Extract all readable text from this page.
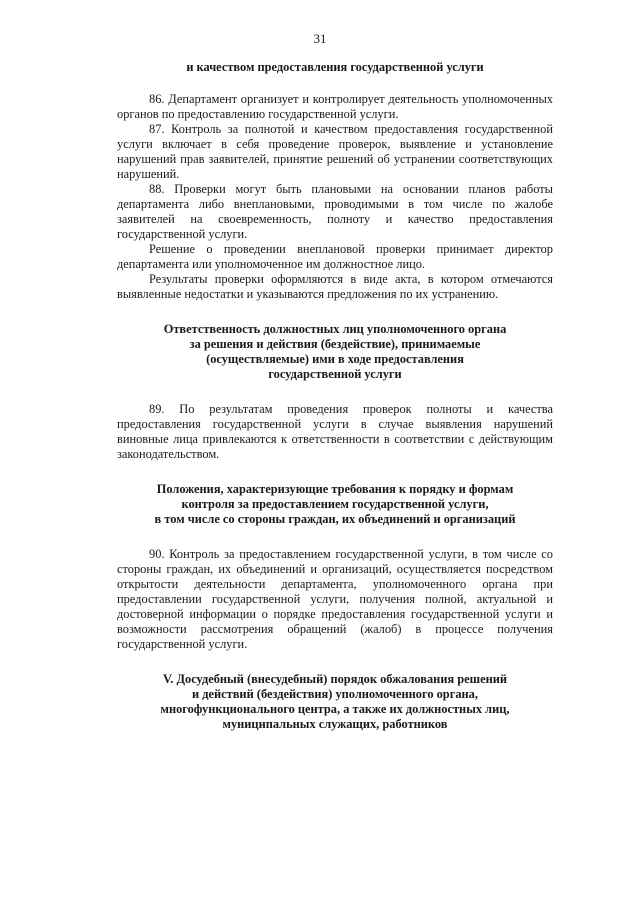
31
и качеством предоставления государственной услуги

86. Департамент организует и контролирует деятельность уполномоченных органов по предоставлению государственной услуги.

87. Контроль за полнотой и качеством предоставления государственной услуги включает в себя проведение проверок, выявление и установление нарушений прав заявителей, принятие решений об устранении соответствующих нарушений.

88. Проверки могут быть плановыми на основании планов работы департамента либо внеплановыми, проводимыми в том числе по жалобе заявителей на своевременность, полноту и качество предоставления государственной услуги.

Решение о проведении внеплановой проверки принимает директор департамента или уполномоченное им должностное лицо.

Результаты проверки оформляются в виде акта, в котором отмечаются выявленные недостатки и указываются предложения по их устранению.

Ответственность должностных лиц уполномоченного органа
за решения и действия (бездействие), принимаемые
(осуществляемые) ими в ходе предоставления
государственной услуги

89. По результатам проведения проверок полноты и качества предоставления государственной услуги в случае выявления нарушений виновные лица привлекаются к ответственности в соответствии с действующим законодательством.

Положения, характеризующие требования к порядку и формам
контроля за предоставлением государственной услуги,
в том числе со стороны граждан, их объединений и организаций

90. Контроль за предоставлением государственной услуги, в том числе со стороны граждан, их объединений и организаций, осуществляется посредством открытости деятельности департамента, уполномоченного органа при предоставлении государственной услуги, получения полной, актуальной и достоверной информации о порядке предоставления государственной услуги и возможности рассмотрения обращений (жалоб) в процессе получения государственной услуги.

V. Досудебный (внесудебный) порядок обжалования решений
и действий (бездействия) уполномоченного органа,
многофункционального центра, а также их должностных лиц,
муниципальных служащих, работников
